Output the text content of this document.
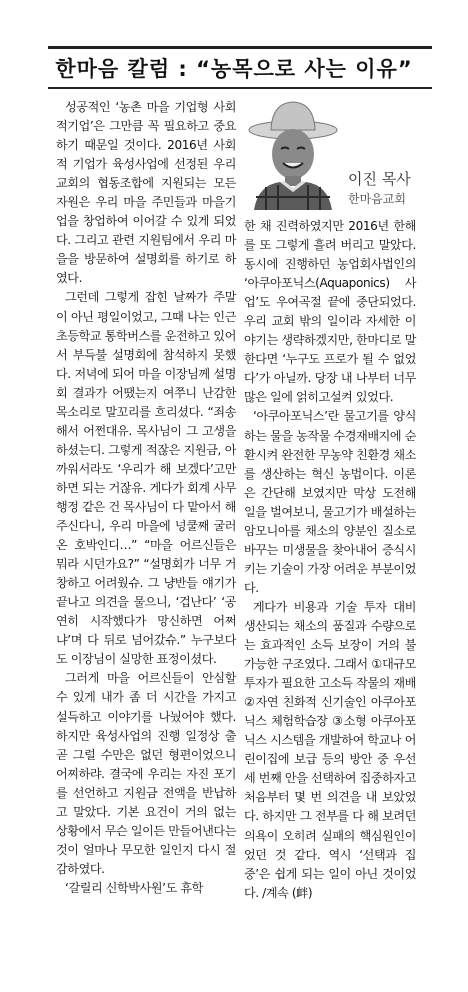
한마음 칼럼 : “농목으로 사는 이유”

성공적인 ‘농촌 마을 기업형 사회적기업’은 그만큼 꼭 필요하고 중요하기 때문일 것이다. 2016년 사회적 기업가 육성사업에 선정된 우리 교회의 협동조합에 지원되는 모든 자원은 우리 마을 주민들과 마을기업을 창업하여 이어갈 수 있게 되었다. 그리고 관련 지원팀에서 우리 마을을 방문하여 설명회를 하기로 하였다.

그런데 그렇게 잡힌 날짜가 주말이 아닌 평일이었고, 그때 나는 인근 초등학교 통학버스를 운전하고 있어서 부득불 설명회에 참석하지 못했다. 저녁에 되어 마을 이장님께 설명회 결과가 어땠는지 여쭈니 난감한 목소리로 말꼬리를 흐리셨다. “죄송해서 어쩐대유. 목사님이 그 고생을 하셨는디. 그렇게 적잖은 지원금, 아까워서라도 ‘우리가 해 보겠다’고만 하면 되는 거잖유. 게다가 회계 사무 행정 같은 건 목사님이 다 맡아서 해 주신다니, 우리 마을에 넝쿨째 굴러온 호박인디…” “마을 어르신들은 뭐라 시던가요?” “설명회가 너무 거창하고 어려웠슈. 그 냥반들 얘기가 끝나고 의견을 물으니, ‘겁난다’ ‘공연히 시작했다가 망신하면 어쩌냐’며 다 뒤로 넘어갔슈.” 누구보다도 이장님이 실망한 표정이셨다.

그러게 마을 어르신들이 안심할 수 있게 내가 좀 더 시간을 가지고 설득하고 이야기를 나눴어야 했다. 하지만 육성사업의 진행 일정상 출곧 그럴 수만은 없던 형편이었으니 어찌하랴. 결국에 우리는 자진 포기를 선언하고 지원금 전액을 반납하고 말았다. 기본 요건이 거의 없는 상황에서 무슨 일이든 만들어낸다는 것이 얼마나 무모한 일인지 다시 절감하였다.

‘갈릴리 신학박사원’도 휴학

이진 목사
한마음교회

한 채 진력하였지만 2016년 한해를 또 그렇게 흘려 버리고 말았다. 동시에 진행하던 농업회사법인의 ‘아쿠아포닉스(Aquaponics) 사업’도 우여곡절 끝에 중단되었다. 우리 교회 밖의 일이라 자세한 이야기는 생략하겠지만, 한마디로 말한다면 ‘누구도 프로가 될 수 없었다’가 아닐까. 당장 내 나부터 너무 많은 일에 얽히고설켜 있었다.

‘아쿠아포닉스’란 물고기를 양식하는 물을 농작물 수경재배지에 순환시켜 완전한 무농약 친환경 채소를 생산하는 혁신 농법이다. 이론은 간단해 보였지만 막상 도전해 일을 벌여보니, 물고기가 배설하는 암모니아를 채소의 양분인 질소로 바꾸는 미생물을 찾아내어 증식시키는 기술이 가장 어려운 부분이었다.

게다가 비용과 기술 투자 대비 생산되는 채소의 품질과 수량으로는 효과적인 소득 보장이 거의 불가능한 구조였다. 그래서 ①대규모 투자가 필요한 고소득 작물의 재배 ②자연 친화적 신기술인 아쿠아포닉스 체험학습장 ③소형 아쿠아포닉스 시스템을 개발하여 학교나 어린이집에 보급 등의 방안 중 우선 세 번째 안을 선택하여 집중하자고 처음부터 몇 번 의견을 내 보았었다. 하지만 그 전부를 다 해 보려던 의욕이 오히려 실패의 핵심원인이었던 것 같다. 역시 ‘선택과 집중’은 쉽게 되는 일이 아닌 것이었다. /계속 (衅)
